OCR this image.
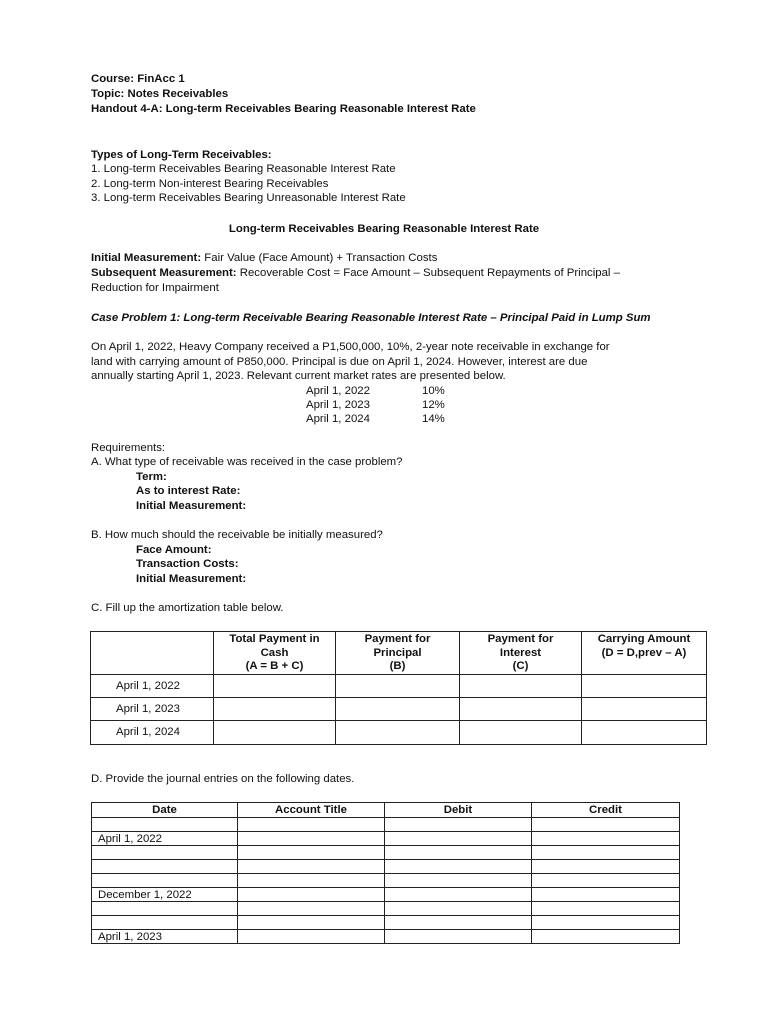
Course: FinAcc 1
Topic: Notes Receivables
Handout 4-A: Long-term Receivables Bearing Reasonable Interest Rate
Types of Long-Term Receivables:
1. Long-term Receivables Bearing Reasonable Interest Rate
2. Long-term Non-interest Bearing Receivables
3. Long-term Receivables Bearing Unreasonable Interest Rate
Long-term Receivables Bearing Reasonable Interest Rate
Initial Measurement: Fair Value (Face Amount) + Transaction Costs
Subsequent Measurement: Recoverable Cost = Face Amount – Subsequent Repayments of Principal –
Reduction for Impairment
Case Problem 1: Long-term Receivable Bearing Reasonable Interest Rate – Principal Paid in Lump Sum
On April 1, 2022, Heavy Company received a P1,500,000, 10%, 2-year note receivable in exchange for
land with carrying amount of P850,000. Principal is due on April 1, 2024. However, interest are due
annually starting April 1, 2023. Relevant current market rates are presented below.
April 1, 2022	10%
April 1, 2023	12%
April 1, 2024	14%
Requirements:
A. What type of receivable was received in the case problem?
Term:
As to interest Rate:
Initial Measurement:
B. How much should the receivable be initially measured?
Face Amount:
Transaction Costs:
Initial Measurement:
C. Fill up the amortization table below.
	Total Payment in
Cash
(A = B + C)	Payment for
Principal
(B)	Payment for
Interest
(C)	Carrying Amount
(D = D,prev – A)
April 1, 2022				
April 1, 2023				
April 1, 2024				
D. Provide the journal entries on the following dates.
Date	Account Title	Debit	Credit

April 1, 2022			

December 1, 2022			

April 1, 2023			
